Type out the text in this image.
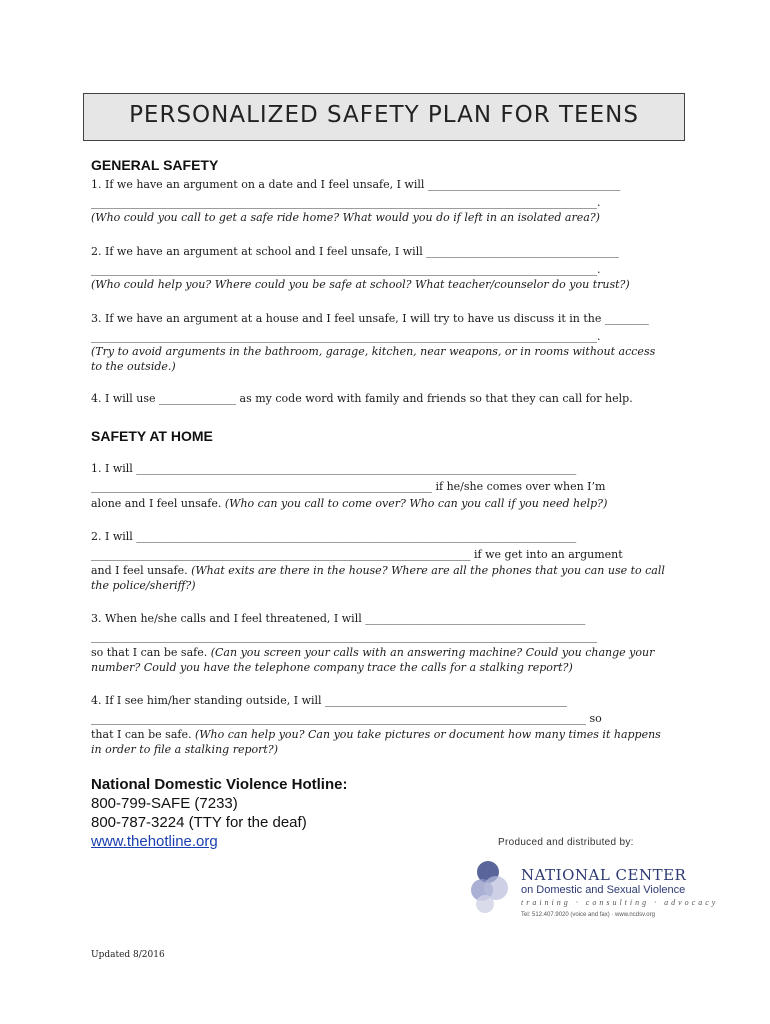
PERSONALIZED SAFETY PLAN FOR TEENS
GENERAL SAFETY
1. If we have an argument on a date and I feel unsafe, I will ___________________________________
____________________________________________________________________________________________.
(Who could you call to get a safe ride home? What would you do if left in an isolated area?)
2. If we have an argument at school and I feel unsafe, I will ___________________________________
____________________________________________________________________________________________.
(Who could help you? Where could you be safe at school? What teacher/counselor do you trust?)
3. If we have an argument at a house and I feel unsafe, I will try to have us discuss it in the ________
____________________________________________________________________________________________.
(Try to avoid arguments in the bathroom, garage, kitchen, near weapons, or in rooms without access
to the outside.)
4. I will use ______________ as my code word with family and friends so that they can call for help.
SAFETY AT HOME
1. I will ________________________________________________________________________________
______________________________________________________________ if he/she comes over when I’m
alone and I feel unsafe. (Who can you call to come over? Who can you call if you need help?)
2. I will ________________________________________________________________________________
_____________________________________________________________________ if we get into an argument
and I feel unsafe. (What exits are there in the house? Where are all the phones that you can use to call
the police/sheriff?)
3. When he/she calls and I feel threatened, I will ________________________________________
____________________________________________________________________________________________
so that I can be safe. (Can you screen your calls with an answering machine? Could you change your
number? Could you have the telephone company trace the calls for a stalking report?)
4. If I see him/her standing outside, I will ____________________________________________
__________________________________________________________________________________________ so
that I can be safe. (Who can help you? Can you take pictures or document how many times it happens
in order to file a stalking report?)
National Domestic Violence Hotline:
800-799-SAFE (7233)
800-787-3224 (TTY for the deaf)
www.thehotline.org	Produced and distributed by:
NATIONAL CENTER
on Domestic and Sexual Violence
training · consulting · advocacy
Tel: 512.407.9020 (voice and fax) · www.ncdsv.org
Updated 8/2016
